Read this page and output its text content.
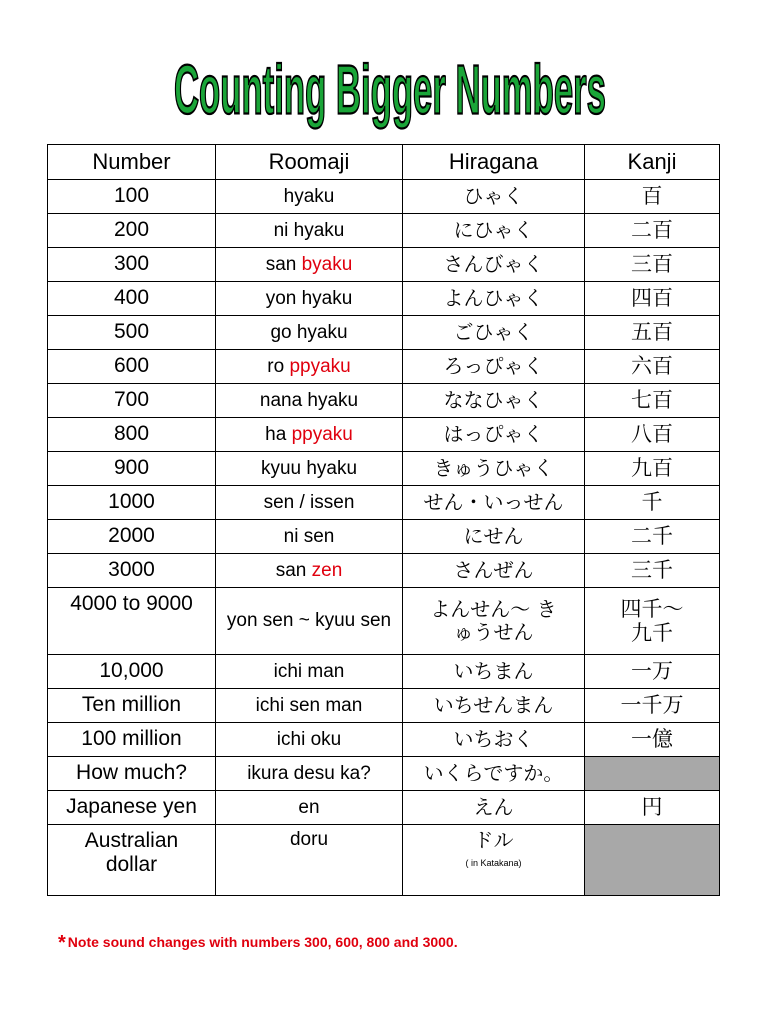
Counting Bigger Numbers
Number	Roomaji	Hiragana	Kanji
100	hyaku	ひゃく	百
200	ni hyaku	にひゃく	二百
300	san byaku	さんびゃく	三百
400	yon hyaku	よんひゃく	四百
500	go hyaku	ごひゃく	五百
600	ro ppyaku	ろっぴゃく	六百
700	nana hyaku	ななひゃく	七百
800	ha ppyaku	はっぴゃく	八百
900	kyuu hyaku	きゅうひゃく	九百
1000	sen / issen	せん・いっせん	千
2000	ni sen	にせん	二千
3000	san zen	さんぜん	三千
4000 to 9000	yon sen ~ kyuu sen	よんせん〜 きゅうせん	四千〜 九千
10,000	ichi man	いちまん	一万
Ten million	ichi sen man	いちせんまん	一千万
100 million	ichi oku	いちおく	一億
How much?	ikura desu ka?	いくらですか。	
Japanese yen	en	えん	円
Australian dollar	doru	ドル
( in Katakana)	

* Note sound changes with numbers 300, 600, 800 and 3000.
